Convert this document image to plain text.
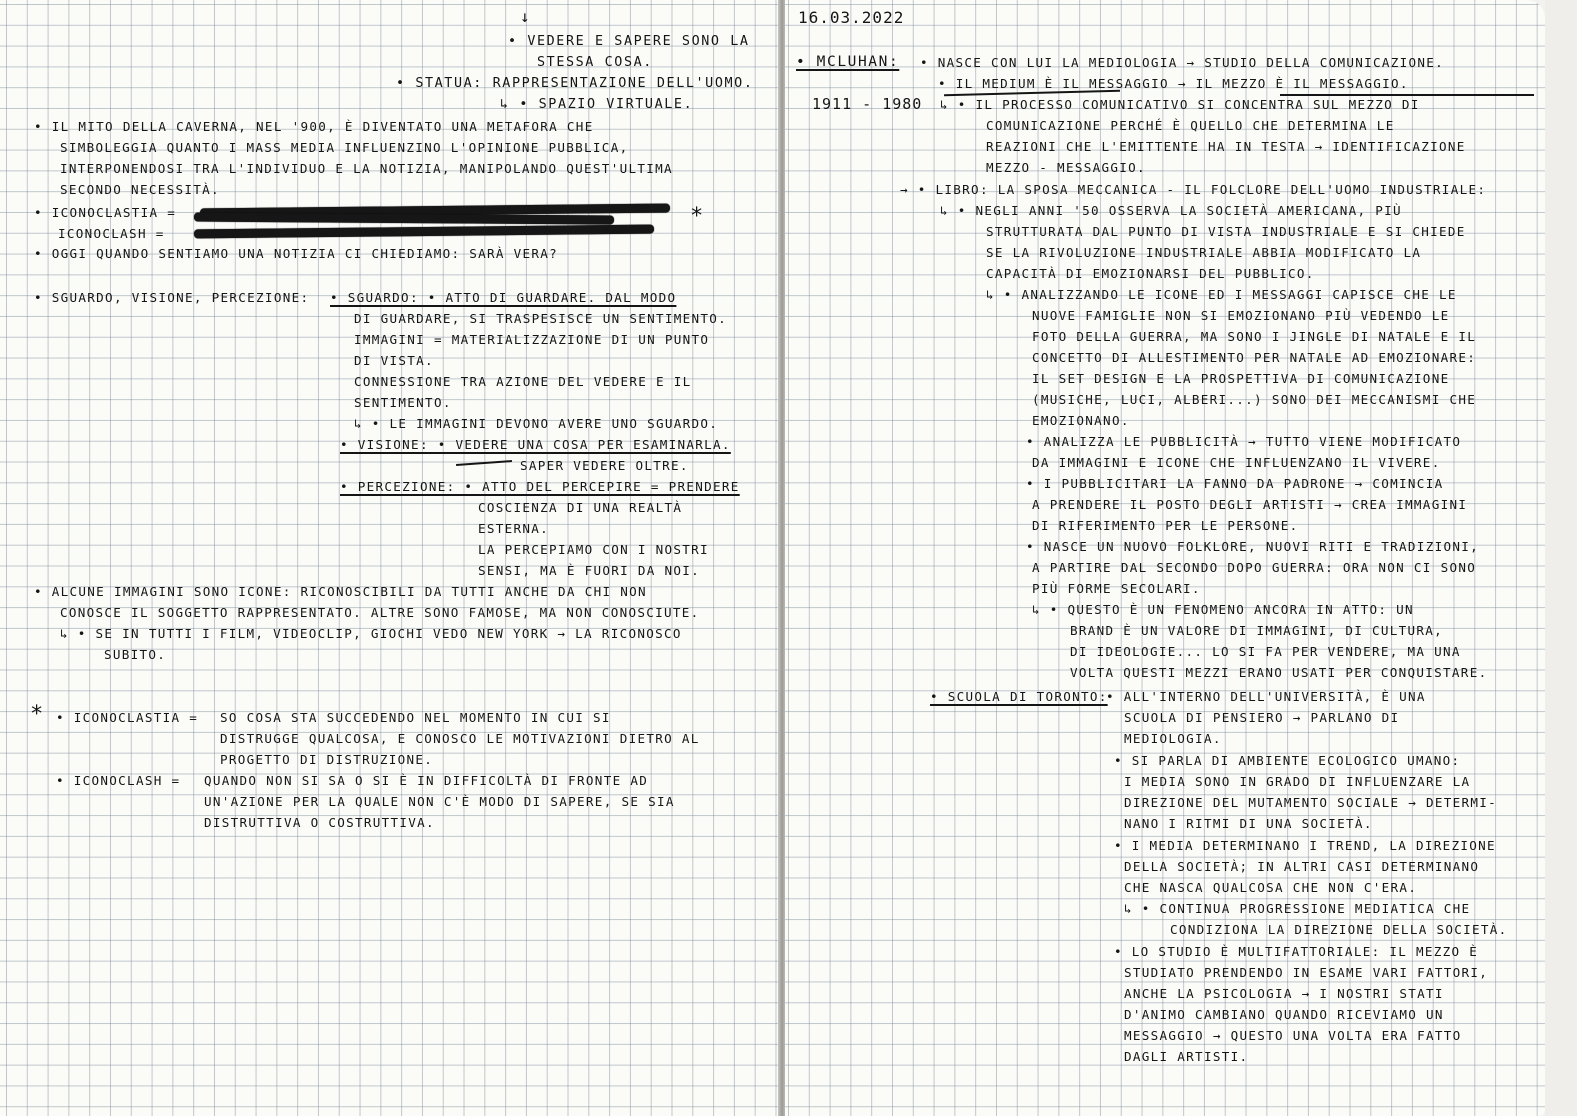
↓

• VEDERE E SAPERE SONO LA

STESSA COSA.

• STATUA: RAPPRESENTAZIONE DELL'UOMO.

↳ • SPAZIO VIRTUALE.

• IL MITO DELLA CAVERNA, NEL '900, È DIVENTATO UNA METAFORA CHE

SIMBOLEGGIA QUANTO I MASS MEDIA INFLUENZINO L'OPINIONE PUBBLICA,

INTERPONENDOSI TRA L'INDIVIDUO E LA NOTIZIA, MANIPOLANDO QUEST'ULTIMA

SECONDO NECESSITÀ.

• ICONOCLASTIA =

ICONOCLASH =

*

• OGGI QUANDO SENTIAMO UNA NOTIZIA CI CHIEDIAMO: SARÀ VERA?

• SGUARDO, VISIONE, PERCEZIONE: • SGUARDO: • ATTO DI GUARDARE. DAL MODO

DI GUARDARE, SI TRASPESISCE UN SENTIMENTO.

IMMAGINI = MATERIALIZZAZIONE DI UN PUNTO

DI VISTA.

CONNESSIONE TRA AZIONE DEL VEDERE E IL

SENTIMENTO.

↳ • LE IMMAGINI DEVONO AVERE UNO SGUARDO.

• VISIONE: • VEDERE UNA COSA PER ESAMINARLA.

SAPER VEDERE OLTRE.

• PERCEZIONE: • ATTO DEL PERCEPIRE = PRENDERE

COSCIENZA DI UNA REALTÀ

ESTERNA.

LA PERCEPIAMO CON I NOSTRI

SENSI, MA È FUORI DA NOI.

• ALCUNE IMMAGINI SONO ICONE: RICONOSCIBILI DA TUTTI ANCHE DA CHI NON

CONOSCE IL SOGGETTO RAPPRESENTATO. ALTRE SONO FAMOSE, MA NON CONOSCIUTE.

↳ • SE IN TUTTI I FILM, VIDEOCLIP, GIOCHI VEDO NEW YORK → LA RICONOSCO

SUBITO.

* • ICONOCLASTIA = SO COSA STA SUCCEDENDO NEL MOMENTO IN CUI SI

DISTRUGGE QUALCOSA, E CONOSCO LE MOTIVAZIONI DIETRO AL

PROGETTO DI DISTRUZIONE.

• ICONOCLASH = QUANDO NON SI SA O SI È IN DIFFICOLTÀ DI FRONTE AD

UN'AZIONE PER LA QUALE NON C'È MODO DI SAPERE, SE SIA

DISTRUTTIVA O COSTRUTTIVA.

16.03.2022

• MCLUHAN: • NASCE CON LUI LA MEDIOLOGIA → STUDIO DELLA COMUNICAZIONE.

• IL MEDIUM È IL MESSAGGIO → IL MEZZO È IL MESSAGGIO.

1911 - 1980 ↳ • IL PROCESSO COMUNICATIVO SI CONCENTRA SUL MEZZO DI

COMUNICAZIONE PERCHÉ È QUELLO CHE DETERMINA LE

REAZIONI CHE L'EMITTENTE HA IN TESTA → IDENTIFICAZIONE

MEZZO - MESSAGGIO.

→ • LIBRO: LA SPOSA MECCANICA - IL FOLCLORE DELL'UOMO INDUSTRIALE:

↳ • NEGLI ANNI '50 OSSERVA LA SOCIETÀ AMERICANA, PIÙ

STRUTTURATA DAL PUNTO DI VISTA INDUSTRIALE E SI CHIEDE

SE LA RIVOLUZIONE INDUSTRIALE ABBIA MODIFICATO LA

CAPACITÀ DI EMOZIONARSI DEL PUBBLICO.

↳ • ANALIZZANDO LE ICONE ED I MESSAGGI CAPISCE CHE LE

NUOVE FAMIGLIE NON SI EMOZIONANO PIÙ VEDENDO LE

FOTO DELLA GUERRA, MA SONO I JINGLE DI NATALE E IL

CONCETTO DI ALLESTIMENTO PER NATALE AD EMOZIONARE:

IL SET DESIGN E LA PROSPETTIVA DI COMUNICAZIONE

(MUSICHE, LUCI, ALBERI...) SONO DEI MECCANISMI CHE

EMOZIONANO.

• ANALIZZA LE PUBBLICITÀ → TUTTO VIENE MODIFICATO

DA IMMAGINI E ICONE CHE INFLUENZANO IL VIVERE.

• I PUBBLICITARI LA FANNO DA PADRONE → COMINCIA

A PRENDERE IL POSTO DEGLI ARTISTI → CREA IMMAGINI

DI RIFERIMENTO PER LE PERSONE.

• NASCE UN NUOVO FOLKLORE, NUOVI RITI E TRADIZIONI,

A PARTIRE DAL SECONDO DOPO GUERRA: ORA NON CI SONO

PIÙ FORME SECOLARI.

↳ • QUESTO È UN FENOMENO ANCORA IN ATTO: UN

BRAND È UN VALORE DI IMMAGINI, DI CULTURA,

DI IDEOLOGIE... LO SI FA PER VENDERE, MA UNA

VOLTA QUESTI MEZZI ERANO USATI PER CONQUISTARE.

• SCUOLA DI TORONTO:

• ALL'INTERNO DELL'UNIVERSITÀ, È UNA

SCUOLA DI PENSIERO → PARLANO DI

MEDIOLOGIA.

• SI PARLA DI AMBIENTE ECOLOGICO UMANO:

I MEDIA SONO IN GRADO DI INFLUENZARE LA

DIREZIONE DEL MUTAMENTO SOCIALE → DETERMI-

NANO I RITMI DI UNA SOCIETÀ.

• I MEDIA DETERMINANO I TREND, LA DIREZIONE

DELLA SOCIETÀ; IN ALTRI CASI DETERMINANO

CHE NASCA QUALCOSA CHE NON C'ERA.

↳ • CONTINUA PROGRESSIONE MEDIATICA CHE

CONDIZIONA LA DIREZIONE DELLA SOCIETÀ.

• LO STUDIO È MULTIFATTORIALE: IL MEZZO È

STUDIATO PRENDENDO IN ESAME VARI FATTORI,

ANCHE LA PSICOLOGIA → I NOSTRI STATI

D'ANIMO CAMBIANO QUANDO RICEVIAMO UN

MESSAGGIO → QUESTO UNA VOLTA ERA FATTO

DAGLI ARTISTI.
